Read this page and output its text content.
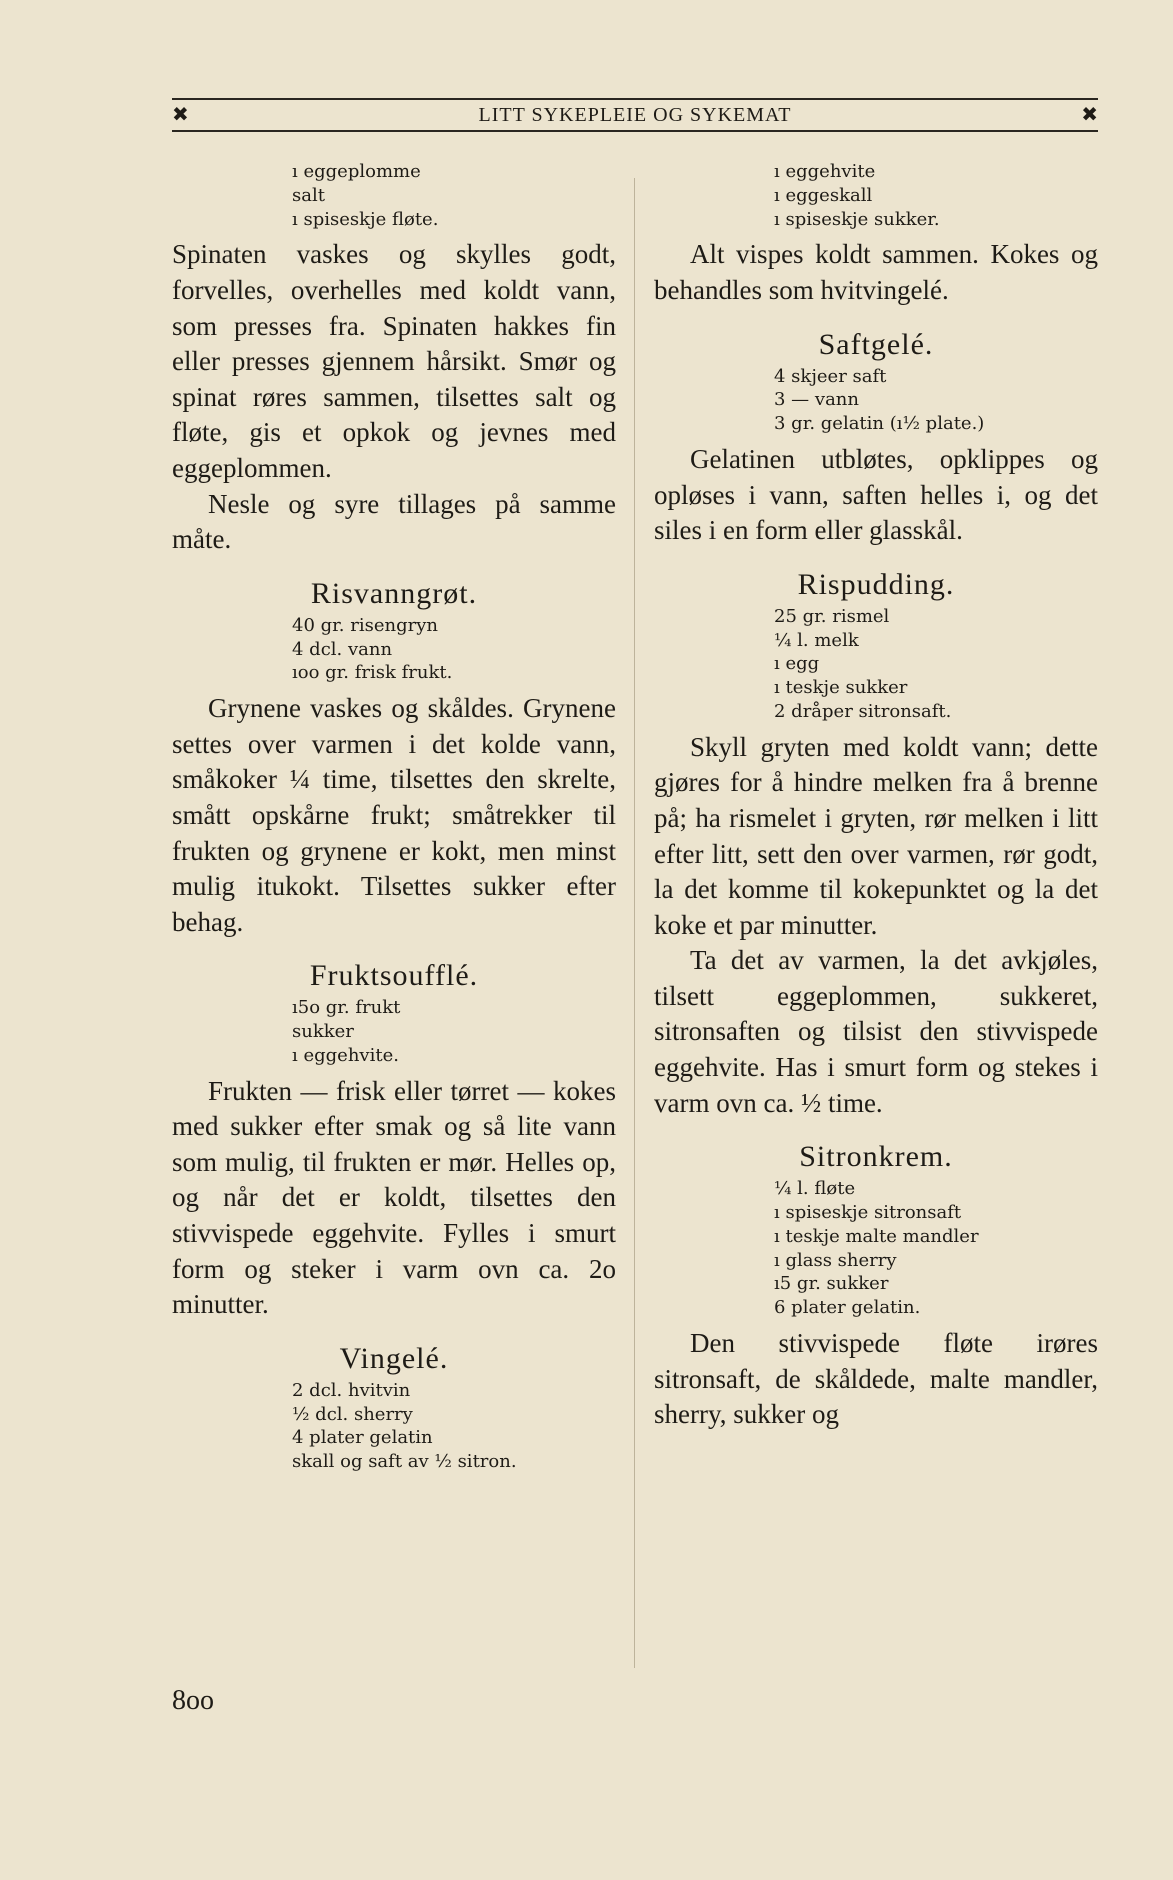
✖	LITT SYKEPLEIE OG SYKEMAT	✖
ı eggeplomme
salt
ı spiseskje fløte.

Spinaten vaskes og skylles godt, forvelles, overhelles med koldt vann, som presses fra. Spinaten hakkes fin eller presses gjennem hårsikt. Smør og spinat røres sammen, tilsettes salt og fløte, gis et opkok og jevnes med eggeplommen.

Nesle og syre tillages på samme måte.

Risvanngrøt.

40 gr. risengryn
4 dcl. vann
ıoo gr. frisk frukt.

Grynene vaskes og skåldes. Grynene settes over varmen i det kolde vann, småkoker ¼ time, tilsettes den skrelte, smått opskårne frukt; småtrekker til frukten og grynene er kokt, men minst mulig itukokt. Tilsettes sukker efter behag.

Fruktsoufflé.

ı5o gr. frukt
sukker
ı eggehvite.

Frukten — frisk eller tørret — kokes med sukker efter smak og så lite vann som mulig, til frukten er mør. Helles op, og når det er koldt, tilsettes den stivvispede eggehvite. Fylles i smurt form og steker i varm ovn ca. 2o minutter.

Vingelé.

2 dcl. hvitvin
½ dcl. sherry
4 plater gelatin
skall og saft av ½ sitron.
ı eggehvite
ı eggeskall
ı spiseskje sukker.

Alt vispes koldt sammen. Kokes og behandles som hvitvingelé.

Saftgelé.

4 skjeer saft
3 — vann
3 gr. gelatin (ı½ plate.)

Gelatinen utbløtes, opklippes og opløses i vann, saften helles i, og det siles i en form eller glasskål.

Rispudding.

25 gr. rismel
¼ l. melk
ı egg
ı teskje sukker
2 dråper sitronsaft.

Skyll gryten med koldt vann; dette gjøres for å hindre melken fra å brenne på; ha rismelet i gryten, rør melken i litt efter litt, sett den over varmen, rør godt, la det komme til kokepunktet og la det koke et par minutter.

Ta det av varmen, la det avkjøles, tilsett eggeplommen, sukkeret, sitronsaften og tilsist den stivvispede eggehvite. Has i smurt form og stekes i varm ovn ca. ½ time.

Sitronkrem.

¼ l. fløte
ı spiseskje sitronsaft
ı teskje malte mandler
ı glass sherry
ı5 gr. sukker
6 plater gelatin.

Den stivvispede fløte irøres sitronsaft, de skåldede, malte mandler, sherry, sukker og

8oo
